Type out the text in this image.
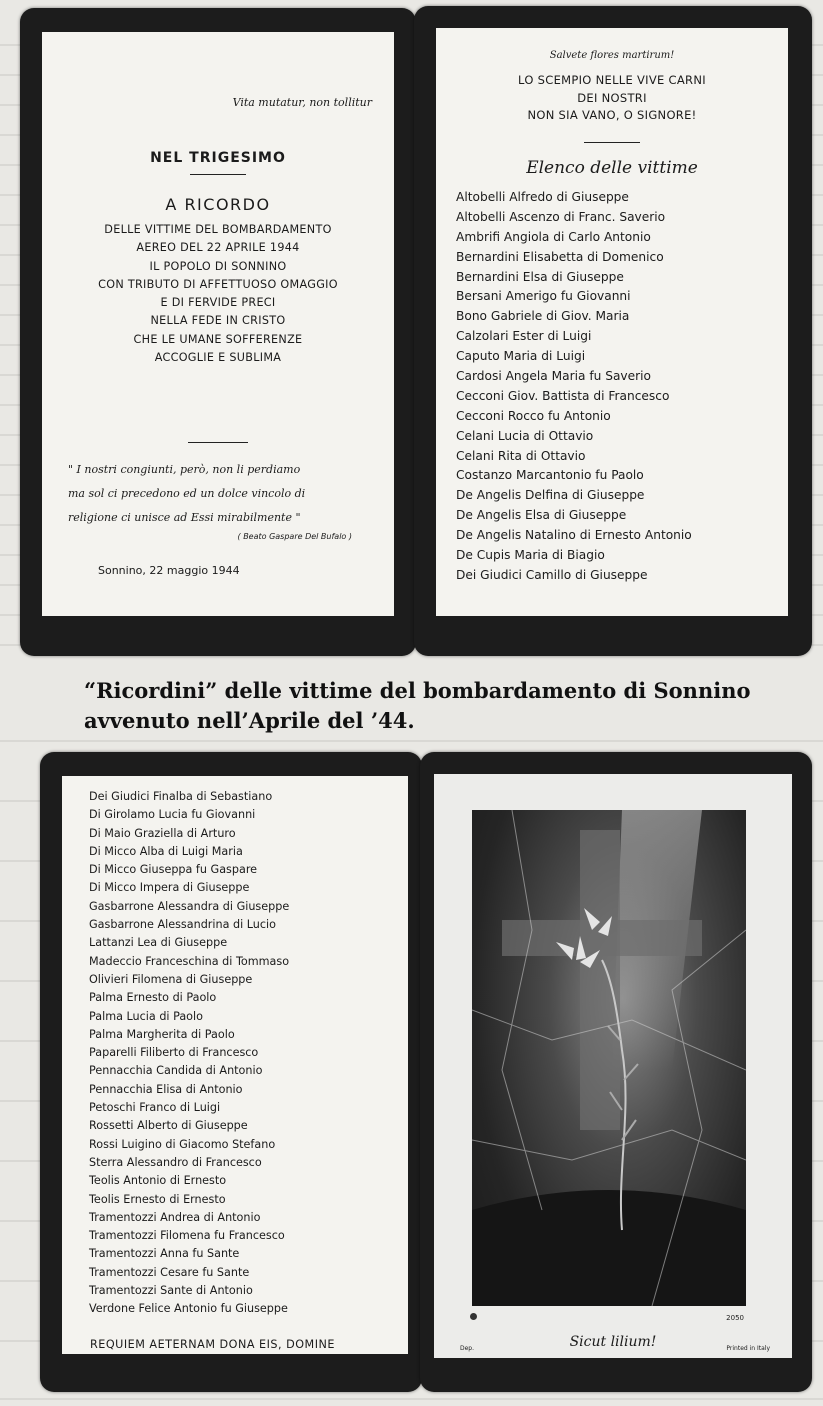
Vita mutatur, non tollitur
NEL TRIGESIMO
A RICORDO
DELLE VITTIME DEL BOMBARDAMENTO
AEREO DEL 22 APRILE 1944
IL POPOLO DI SONNINO
CON TRIBUTO DI AFFETTUOSO OMAGGIO
E DI FERVIDE PRECI
NELLA FEDE IN CRISTO
CHE LE UMANE SOFFERENZE
ACCOGLIE E SUBLIMA
" I nostri congiunti, però, non li perdiamo
ma sol ci precedono ed un dolce vincolo di
religione ci unisce ad Essi mirabilmente "
( Beato Gaspare Del Bufalo )
Sonnino, 22 maggio 1944
Salvete flores martirum!
LO SCEMPIO NELLE VIVE CARNI
DEI NOSTRI
NON SIA VANO, O SIGNORE!
Elenco delle vittime
Altobelli Alfredo di Giuseppe
Altobelli Ascenzo di Franc. Saverio
Ambrifi Angiola di Carlo Antonio
Bernardini Elisabetta di Domenico
Bernardini Elsa di Giuseppe
Bersani Amerigo fu Giovanni
Bono Gabriele di Giov. Maria
Calzolari Ester di Luigi
Caputo Maria di Luigi
Cardosi Angela Maria fu Saverio
Cecconi Giov. Battista di Francesco
Cecconi Rocco fu Antonio
Celani Lucia di Ottavio
Celani Rita di Ottavio
Costanzo Marcantonio fu Paolo
De Angelis Delfina di Giuseppe
De Angelis Elsa di Giuseppe
De Angelis Natalino di Ernesto Antonio
De Cupis Maria di Biagio
Dei Giudici Camillo di Giuseppe
“Ricordini” delle vittime del bombardamento di Sonnino
avvenuto nell’Aprile del ’44.
Dei Giudici Finalba di Sebastiano
Di Girolamo Lucia fu Giovanni
Di Maio Graziella di Arturo
Di Micco Alba di Luigi Maria
Di Micco Giuseppa fu Gaspare
Di Micco Impera di Giuseppe
Gasbarrone Alessandra di Giuseppe
Gasbarrone Alessandrina di Lucio
Lattanzi Lea di Giuseppe
Madeccio Franceschina di Tommaso
Olivieri Filomena di Giuseppe
Palma Ernesto di Paolo
Palma Lucia di Paolo
Palma Margherita di Paolo
Paparelli Filiberto di Francesco
Pennacchia Candida di Antonio
Pennacchia Elisa di Antonio
Petoschi Franco di Luigi
Rossetti Alberto di Giuseppe
Rossi Luigino di Giacomo Stefano
Sterra Alessandro di Francesco
Teolis Antonio di Ernesto
Teolis Ernesto di Ernesto
Tramentozzi Andrea di Antonio
Tramentozzi Filomena fu Francesco
Tramentozzi Anna fu Sante
Tramentozzi Cesare fu Sante
Tramentozzi Sante di Antonio
Verdone Felice Antonio fu Giuseppe
REQUIEM AETERNAM DONA EIS, DOMINE
2050
Sicut lilium!
Dep.	Printed in Italy
